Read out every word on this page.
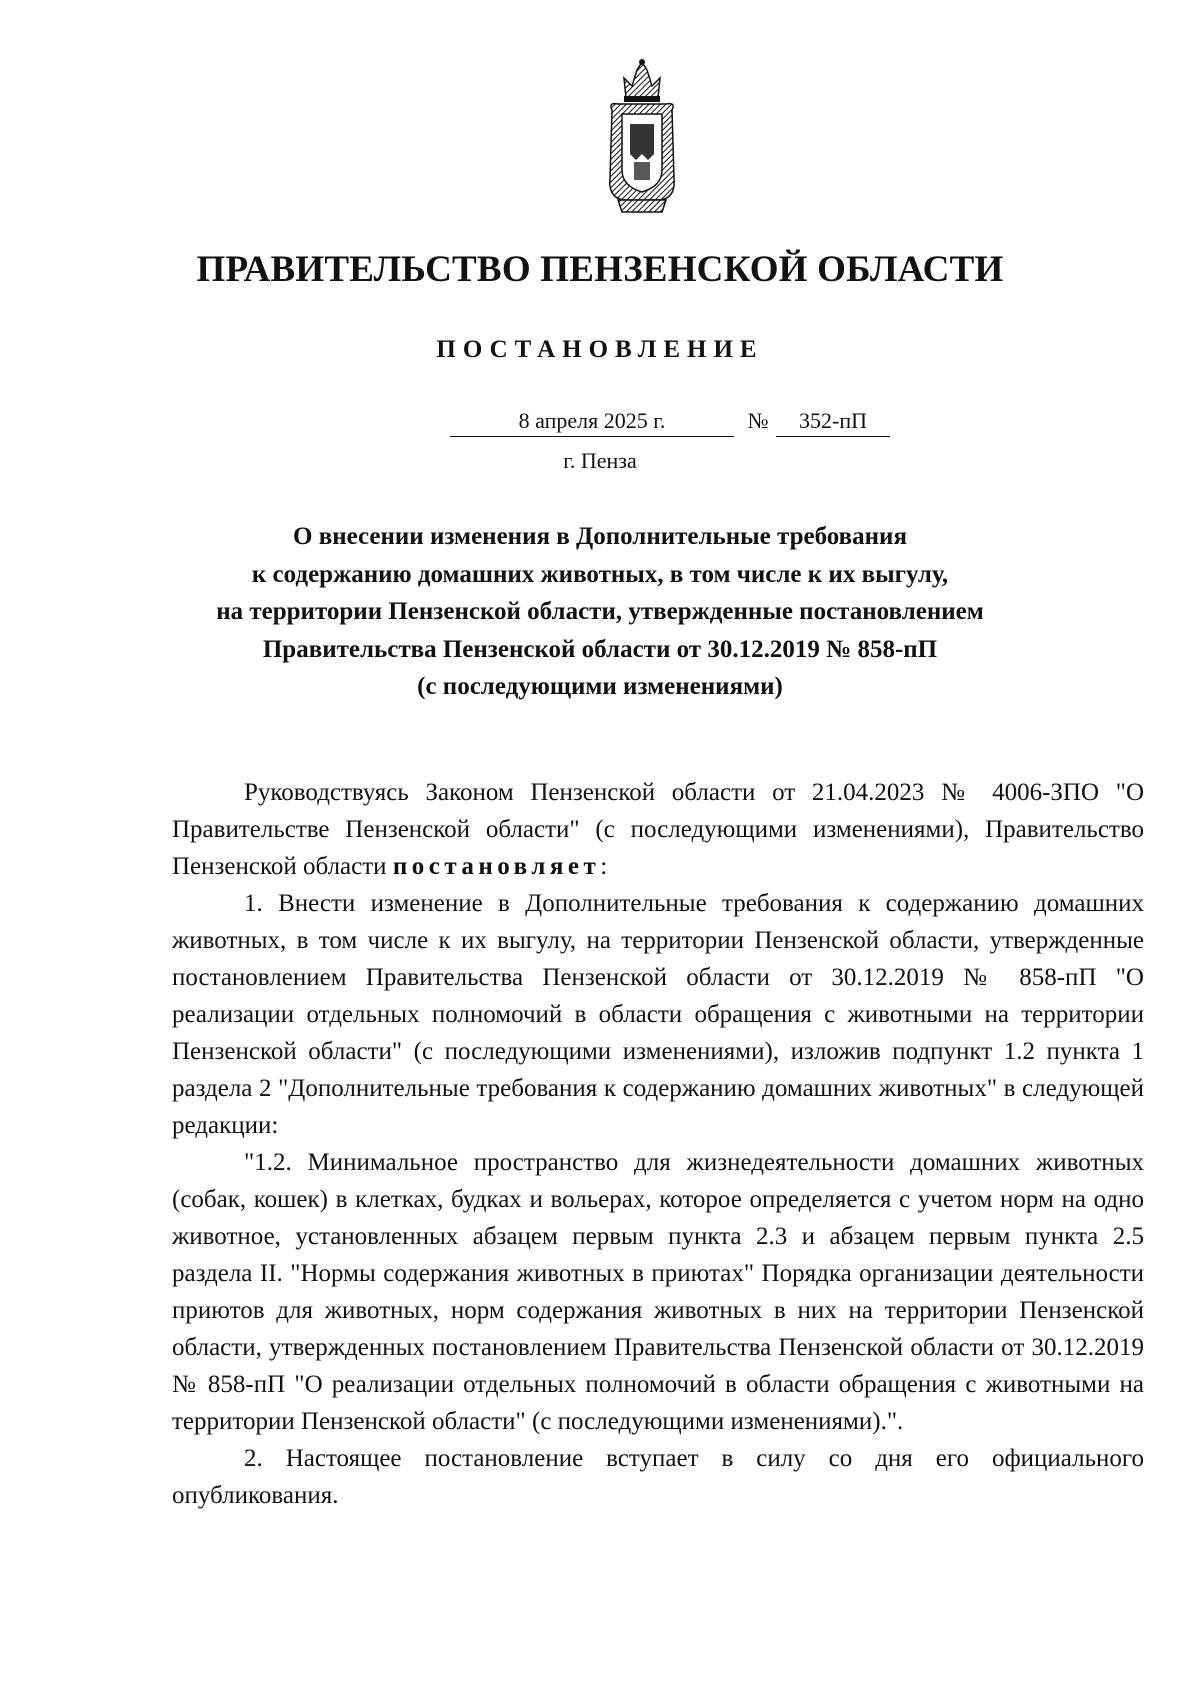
ПРАВИТЕЛЬСТВО ПЕНЗЕНСКОЙ ОБЛАСТИ
ПОСТАНОВЛЕНИЕ
8 апреля 2025 г.	№	352-пП

г. Пенза

О внесении изменения в Дополнительные требования
к содержанию домашних животных, в том числе к их выгулу,
на территории Пензенской области, утвержденные постановлением
Правительства Пензенской области от 30.12.2019 № 858-пП
(с последующими изменениями)

Руководствуясь Законом Пензенской области от 21.04.2023 № 4006-ЗПО "О Правительстве Пензенской области" (с последующими изменениями), Правительство Пензенской области постановляет:

1. Внести изменение в Дополнительные требования к содержанию домашних животных, в том числе к их выгулу, на территории Пензенской области, утвержденные постановлением Правительства Пензенской области от 30.12.2019 № 858-пП "О реализации отдельных полномочий в области обращения с животными на территории Пензенской области" (с последующими изменениями), изложив подпункт 1.2 пункта 1 раздела 2 "Дополнительные требования к содержанию домашних животных" в следующей редакции:

"1.2. Минимальное пространство для жизнедеятельности домашних животных (собак, кошек) в клетках, будках и вольерах, которое определяется с учетом норм на одно животное, установленных абзацем первым пункта 2.3 и абзацем первым пункта 2.5 раздела II. "Нормы содержания животных в приютах" Порядка организации деятельности приютов для животных, норм содержания животных в них на территории Пензенской области, утвержденных постановлением Правительства Пензенской области от 30.12.2019 № 858-пП "О реализации отдельных полномочий в области обращения с животными на территории Пензенской области" (с последующими изменениями).".

2. Настоящее постановление вступает в силу со дня его официального опубликования.
